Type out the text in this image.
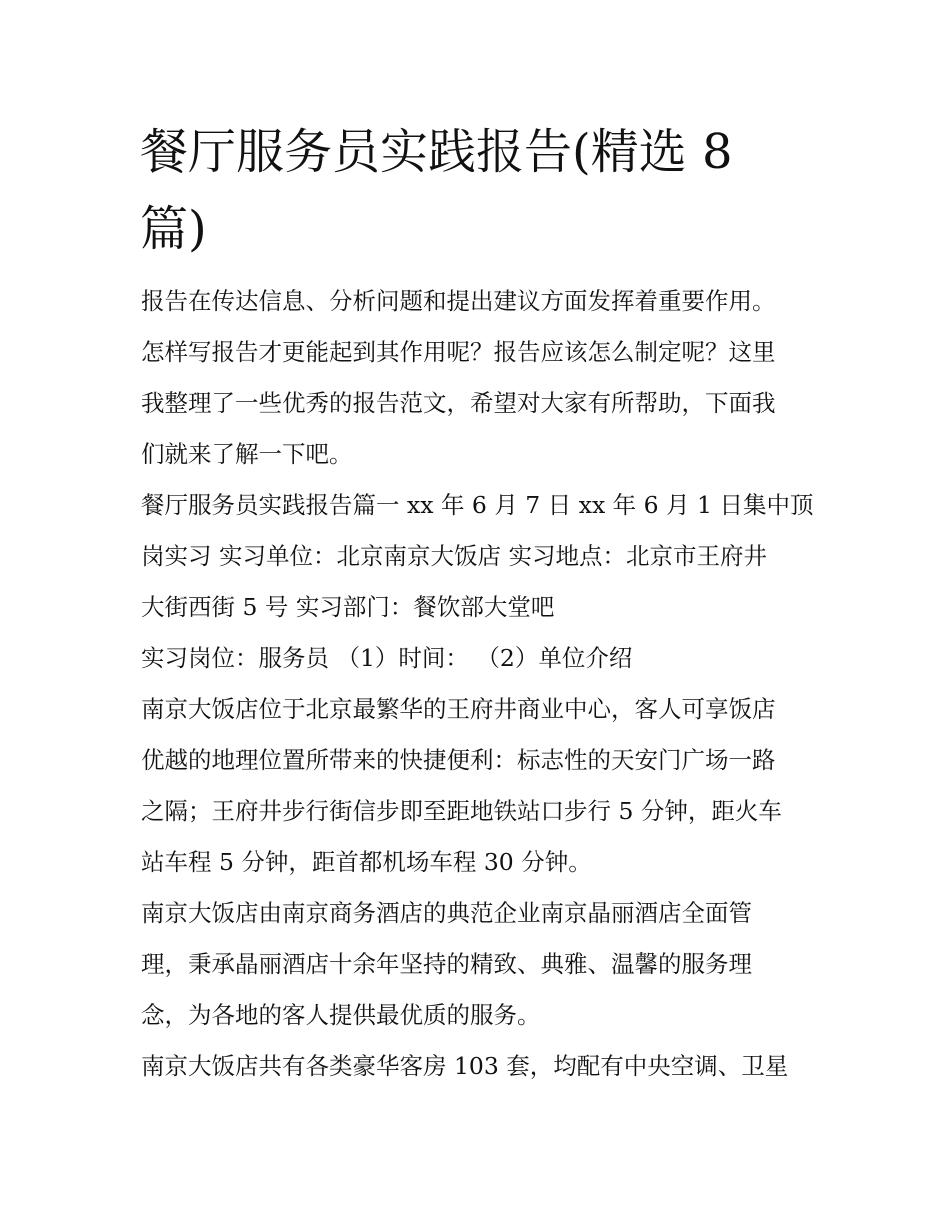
餐厅服务员实践报告(精选 8
篇)
报告在传达信息、分析问题和提出建议方面发挥着重要作用。
怎样写报告才更能起到其作用呢？报告应该怎么制定呢？这里
我整理了一些优秀的报告范文，希望对大家有所帮助，下面我
们就来了解一下吧。
餐厅服务员实践报告篇一 xx 年 6 月 7 日 xx 年 6 月 1 日集中顶
岗实习 实习单位：北京南京大饭店 实习地点：北京市王府井
大街西街 5 号 实习部门：餐饮部大堂吧
实习岗位：服务员 （1）时间： （2）单位介绍
南京大饭店位于北京最繁华的王府井商业中心，客人可享饭店
优越的地理位置所带来的快捷便利：标志性的天安门广场一路
之隔；王府井步行街信步即至距地铁站口步行 5 分钟，距火车
站车程 5 分钟，距首都机场车程 30 分钟。
南京大饭店由南京商务酒店的典范企业南京晶丽酒店全面管
理，秉承晶丽酒店十余年坚持的精致、典雅、温馨的服务理
念，为各地的客人提供最优质的服务。
南京大饭店共有各类豪华客房 103 套，均配有中央空调、卫星
